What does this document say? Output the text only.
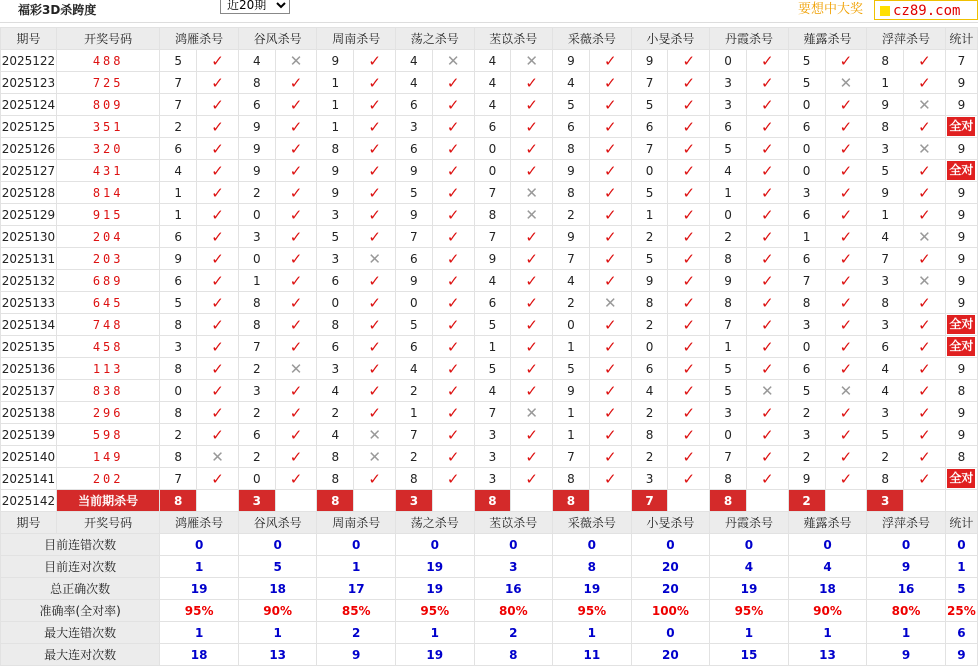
福彩3D杀跨度
近20期	要想中大奖	cz89.com
期号	开奖号码	鸿雁杀号		谷风杀号		周南杀号		荡之杀号		苤苡杀号		采薇杀号		小旻杀号		丹霞杀号		薤露杀号		浮萍杀号		统计
2025122	488	5	✓	4	✕	9	✓	4	✕	4	✕	9	✓	9	✓	0	✓	5	✓	8	✓	7
2025123	725	7	✓	8	✓	1	✓	4	✓	4	✓	4	✓	7	✓	3	✓	5	✕	1	✓	9
2025124	809	7	✓	6	✓	1	✓	6	✓	4	✓	5	✓	5	✓	3	✓	0	✓	9	✕	9
2025125	351	2	✓	9	✓	1	✓	3	✓	6	✓	6	✓	6	✓	6	✓	6	✓	8	✓	全对
2025126	320	6	✓	9	✓	8	✓	6	✓	0	✓	8	✓	7	✓	5	✓	0	✓	3	✕	9
2025127	431	4	✓	9	✓	9	✓	9	✓	0	✓	9	✓	0	✓	4	✓	0	✓	5	✓	全对
2025128	814	1	✓	2	✓	9	✓	5	✓	7	✕	8	✓	5	✓	1	✓	3	✓	9	✓	9
2025129	915	1	✓	0	✓	3	✓	9	✓	8	✕	2	✓	1	✓	0	✓	6	✓	1	✓	9
2025130	204	6	✓	3	✓	5	✓	7	✓	7	✓	9	✓	2	✓	2	✓	1	✓	4	✕	9
2025131	203	9	✓	0	✓	3	✕	6	✓	9	✓	7	✓	5	✓	8	✓	6	✓	7	✓	9
2025132	689	6	✓	1	✓	6	✓	9	✓	4	✓	4	✓	9	✓	9	✓	7	✓	3	✕	9
2025133	645	5	✓	8	✓	0	✓	0	✓	6	✓	2	✕	8	✓	8	✓	8	✓	8	✓	9
2025134	748	8	✓	8	✓	8	✓	5	✓	5	✓	0	✓	2	✓	7	✓	3	✓	3	✓	全对
2025135	458	3	✓	7	✓	6	✓	6	✓	1	✓	1	✓	0	✓	1	✓	0	✓	6	✓	全对
2025136	113	8	✓	2	✕	3	✓	4	✓	5	✓	5	✓	6	✓	5	✓	6	✓	4	✓	9
2025137	838	0	✓	3	✓	4	✓	2	✓	4	✓	9	✓	4	✓	5	✕	5	✕	4	✓	8
2025138	296	8	✓	2	✓	2	✓	1	✓	7	✕	1	✓	2	✓	3	✓	2	✓	3	✓	9
2025139	598	2	✓	6	✓	4	✕	7	✓	3	✓	1	✓	8	✓	0	✓	3	✓	5	✓	9
2025140	149	8	✕	2	✓	8	✕	2	✓	3	✓	7	✓	2	✓	7	✓	2	✓	2	✓	8
2025141	202	7	✓	0	✓	8	✓	8	✓	3	✓	8	✓	3	✓	8	✓	9	✓	8	✓	全对
2025142	当前期杀号	8		3		8		3		8		8		7		8		2		3		
期号	开奖号码	鸿雁杀号		谷风杀号		周南杀号		荡之杀号		苤苡杀号		采薇杀号		小旻杀号		丹霞杀号		薤露杀号		浮萍杀号		统计
目前连错次数		0		0		0		0		0		0		0		0		0		0		0
目前连对次数		1		5		1		19		3		8		20		4		4		9		1
总正确次数		19		18		17		19		16		19		20		19		18		16		5
准确率(全对率)		95%		90%		85%		95%		80%		95%		100%		95%		90%		80%		25%
最大连错次数		1		1		2		1		2		1		0		1		1		1		6
最大连对次数		18		13		9		19		8		11		20		15		13		9		9
